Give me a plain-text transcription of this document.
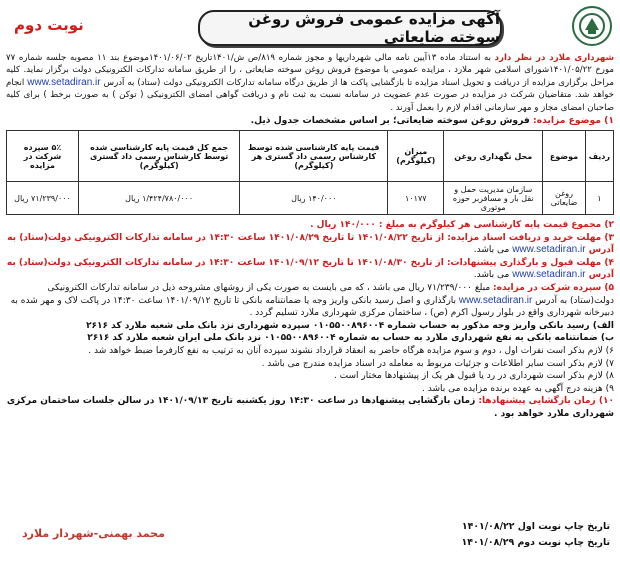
آگهی مزایده عمومی فروش روغن سوخته ضایعاتی
نوبت دوم
شهرداری ملارد در نظر دارد به استناد ماده ۱۳آیین نامه مالی شهرداریها و مجوز شماره ۸۱۹/ص ش/۱۴۰۱تاریخ ۱۴۰۱/۰۶/۰۲موضوع بند ۱۱ مصوبه جلسه شماره ۷۷ مورخ ۱۴۰۱/۰۵/۲۲شورای اسلامی شهر ملارد ، مزایده عمومی با موضوع فروش روغن سوخته ضایعاتی ، را از طریق سامانه تدارکات الکترونیکی دولت برگزار نماید. کلیه مراحل برگزاری مزایده از دریافت و تحویل اسناد مزایده تا بازگشایی پاکت ها از طریق درگاه سامانه تدارکات الکترونیکی دولت (ستاد) به آدرس www.setadiran.ir انجام خواهد شد. متقاضیان شرکت در مزایده در صورت عدم عضویت در سامانه نسبت به ثبت نام و دریافت گواهی امضای الکترونیکی ( توکن ) به صورت برخط ) برای کلیه صاحبان امضای مجاز و مهر سازمانی اقدام لازم را بعمل آورند .
۱) موضوع مزایده: فروش روغن سوخته ضایعاتی؛ بر اساس مشخصات جدول ذیل.
ردیف	موضوع	محل نگهداری روغن	میزان (کیلوگرم)	قیمت پایه کارشناسی شده توسط کارشناس رسمی داد گستری هر (کیلوگرم)	جمع کل قیمت پایه کارشناسی شده توسط کارشناس رسمی داد گستری (کیلوگرم)	۵٪ سپرده شرکت در مزایده
۱	روغن ضایعاتی	سازمان مدیریت حمل و نقل بار و مسافربر حوزه موتوری	۱۰۱۷۷	۱۴۰/۰۰۰ ریال	۱/۴۲۴/۷۸۰/۰۰۰ ریال	۷۱/۲۳۹/۰۰۰ ریال
۲) مجموع قیمت پایه کارشناسی هر کیلوگرم به مبلغ : ۱۴۰/۰۰۰ ریال .
۳) مهلت خرید و دریافت اسناد مزایده: از تاریخ ۱۴۰۱/۰۸/۲۲ تا تاریخ ۱۴۰۱/۰۸/۲۹ ساعت ۱۴:۳۰ در سامانه تدارکات الکترونیکی دولت(ستاد) به آدرس www.setadiran.ir می باشد.
۴) مهلت قبول و بارگذاری پیشنهادات: از تاریخ ۱۴۰۱/۰۸/۳۰ تا تاریخ ۱۴۰۱/۰۹/۱۲ ساعت ۱۴:۳۰ در سامانه تدارکات الکترونیکی دولت(ستاد) به آدرس www.setadiran.ir می باشد.
۵) سپرده شرکت در مزایده: مبلغ ۷۱/۲۳۹/۰۰۰ ریال می باشد ، که می بایست به صورت یکی از روشهای مشروحه ذیل در سامانه تدارکات الکترونیکی دولت(ستاد) به آدرس www.setadiran.ir بارگذاری و اصل رسید بانکی واریز وجه یا ضمانتنامه بانکی تا تاریخ ۱۴۰۱/۰۹/۱۲ ساعت ۱۴:۳۰ در پاکت لاک و مهر شده به دبیرخانه شهرداری واقع در بلوار رسول اکرم (ص) ، ساختمان مرکزی شهرداری ملارد تسلیم گردد .
الف) رسید بانکی واریز وجه مذکور به حساب شماره ۰۱۰۵۵۰۰۸۹۶۰۰۴ سپرده شهرداری نزد بانک ملی شعبه ملارد کد ۲۶۱۶
ب) ضمانتنامه بانکی به نفع شهرداری ملارد به حساب به شماره ۰۱۰۵۵۰۰۸۹۶۰۰۴ نزد بانک ملی ایران شعبه ملارد کد ۲۶۱۶
۶) لازم بذکر است نفرات اول ، دوم و سوم مزایده هرگاه حاضر به انعقاد قرارداد نشوند سپرده آنان به ترتیب به نفع کارفرما ضبط خواهد شد .
۷) لازم بذکر است سایر اطلاعات و جزئیات مربوط به معامله در اسناد مزایده مندرج می باشد .
۸) لازم بذکر است شهرداری در رد یا قبول هر یک از پیشنهادها مختار است .
۹) هزینه درج آگهی به عهده برنده مزایده می باشد .
۱۰) زمان بازگشایی پیشنهادها: زمان بازگشایی پیشنهادها در ساعت ۱۴:۳۰ روز یکشنبه تاریخ ۱۴۰۱/۰۹/۱۳ در سالن جلسات ساختمان مرکزی شهرداری ملارد خواهد بود .
تاریخ چاپ نوبت اول ۱۴۰۱/۰۸/۲۲
تاریخ چاپ نوبت دوم ۱۴۰۱/۰۸/۲۹
محمد بهمنی-شهردار ملارد
